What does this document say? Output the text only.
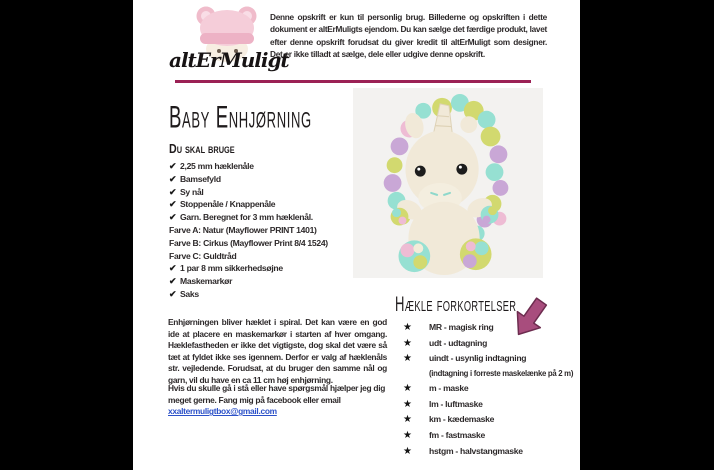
altErMuligt
Denne opskrift er kun til personlig brug. Billederne og opskriften i dette dokument er altErMuligts ejendom. Du kan sælge det færdige produkt, lavet efter denne opskrift forudsat du giver kredit til altErMuligt som designer. Det er ikke tilladt at sælge, dele eller udgive denne opskrift.
Baby Enhjørning
Du skal bruge
✔ 2,25 mm hæklenåle
✔ Bamsefyld
✔ Sy nål
✔ Stoppenåle / Knappenåle
✔ Garn. Beregnet for 3 mm hæklenål.
Farve A: Natur (Mayflower PRINT 1401)
Farve B: Cirkus (Mayflower Print 8/4 1524)
Farve C: Guldtråd
✔ 1 par 8 mm sikkerhedsøjne
✔ Maskemarkør
✔ Saks
Enhjørningen bliver hæklet i spiral. Det kan være en god ide at placere en maskemarkør i starten af hver omgang. Hæklefastheden er ikke det vigtigste, dog skal det være så tæt at fyldet ikke ses igennem. Derfor er valg af hæklenåls str. vejledende. Forudsat, at du bruger den samme nål og garn, vil du have en ca 11 cm høj enhjørning.
Hvis du skulle gå i stå eller have spørgsmål hjælper jeg dig meget gerne. Fang mig på facebook eller email xxaltermuligtbox@gmail.com
Hækle forkortelser
★	MR - magisk ring
★	udt - udtagning
★	uindt - usynlig indtagning
(indtagning i forreste maskelænke på 2 m)
★	m - maske
★	lm - luftmaske
★	km - kædemaske
★	fm - fastmaske
★	hstgm - halvstangmaske
